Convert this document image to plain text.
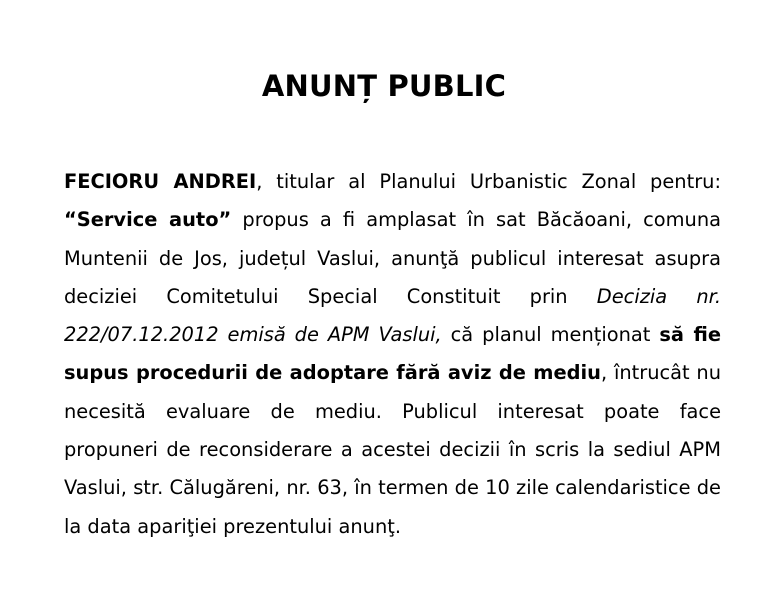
ANUNȚ PUBLIC

FECIORU ANDREI, titular al Planului Urbanistic Zonal pentru: “Service auto” propus a fi amplasat în sat Băcăoani, comuna Muntenii de Jos, județul Vaslui, anunţă publicul interesat asupra deciziei Comitetului Special Constituit prin Decizia nr. 222/07.12.2012 emisă de APM Vaslui, că planul menționat să fie supus procedurii de adoptare fără aviz de mediu, întrucât nu necesită evaluare de mediu. Publicul interesat poate face propuneri de reconsiderare a acestei decizii în scris la sediul APM Vaslui, str. Călugăreni, nr. 63, în termen de 10 zile calendaristice de la data apariţiei prezentului anunţ.
